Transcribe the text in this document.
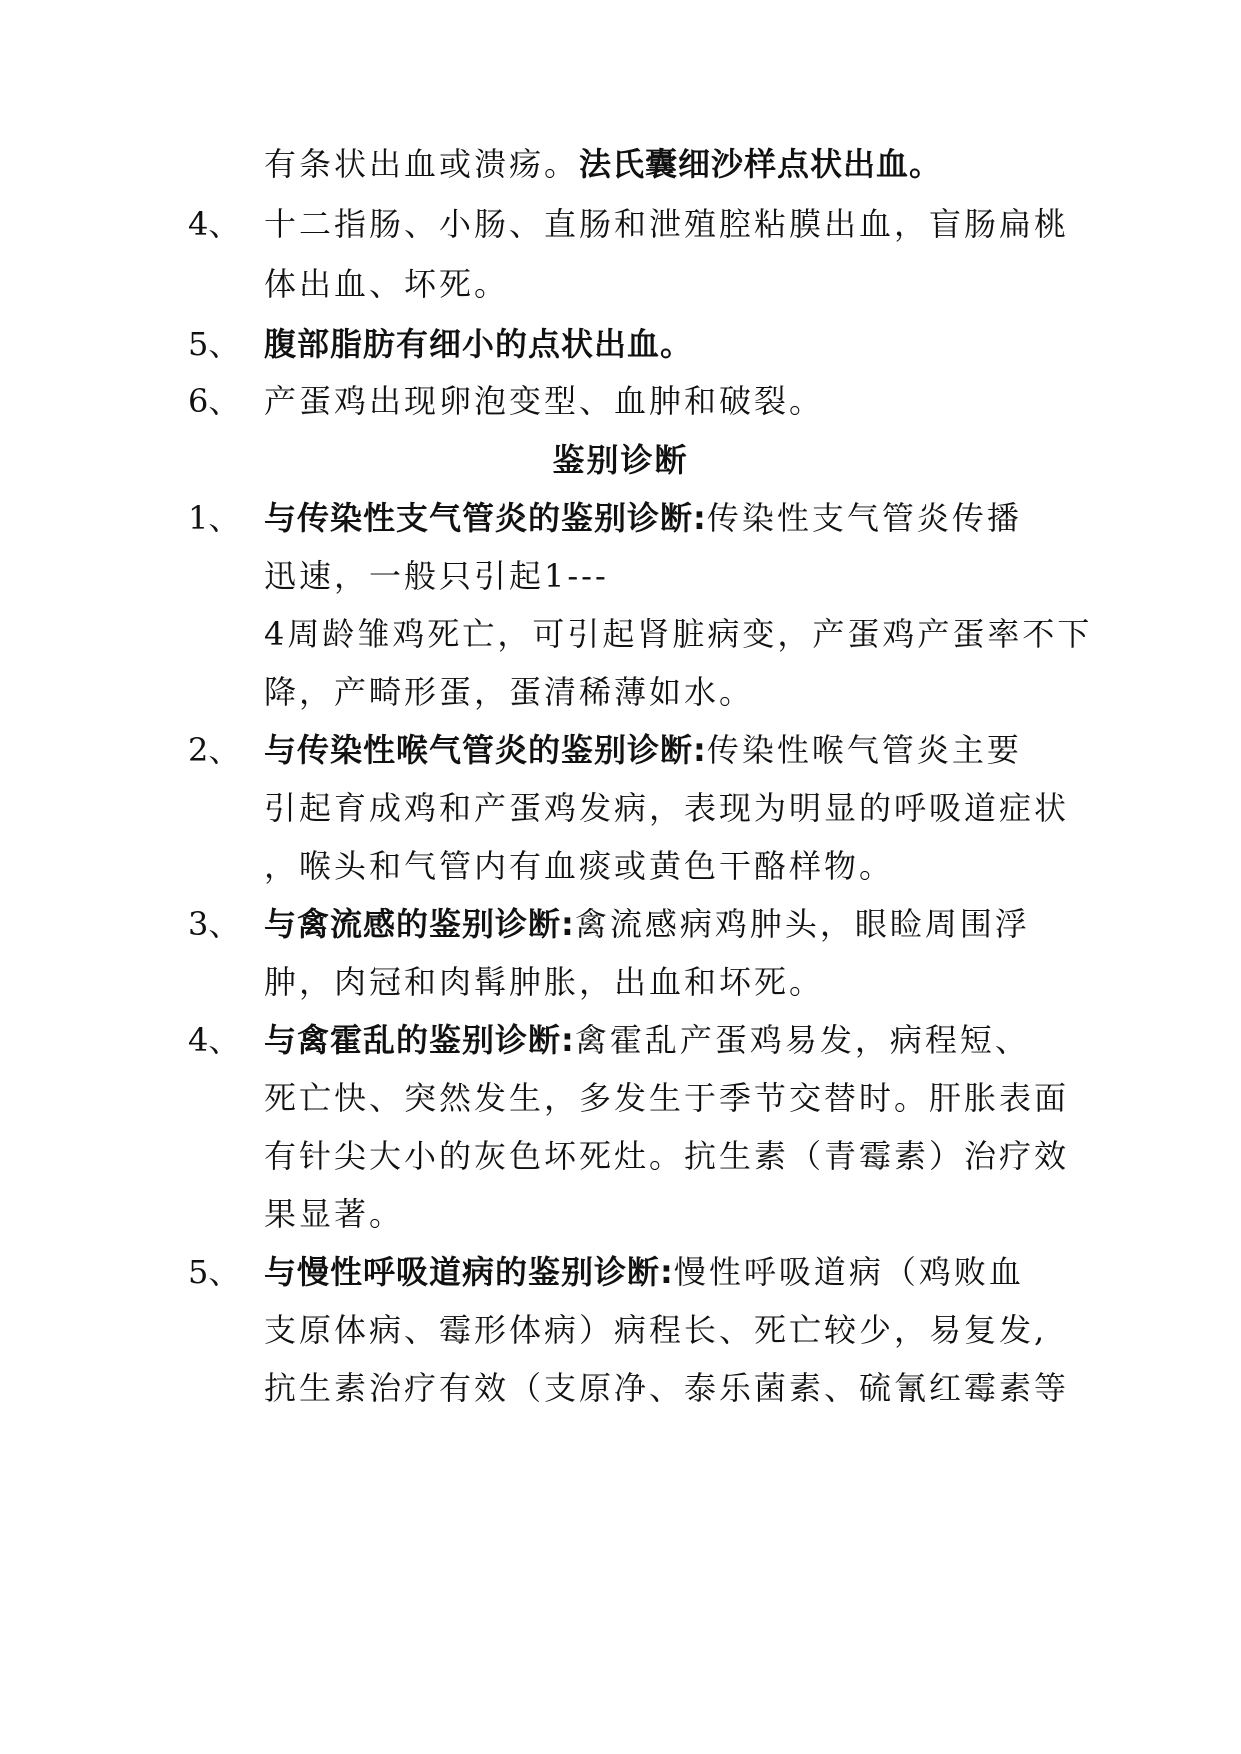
有条状出血或溃疡。法氏囊细沙样点状出血。

4、 十二指肠、小肠、直肠和泄殖腔粘膜出血，盲肠扁桃

体出血、坏死。

5、 腹部脂肪有细小的点状出血。

6、 产蛋鸡出现卵泡变型、血肿和破裂。

鉴别诊断

1、 与传染性支气管炎的鉴别诊断:传染性支气管炎传播

迅速，一般只引起1---

4周龄雏鸡死亡，可引起肾脏病变，产蛋鸡产蛋率不下

降，产畸形蛋，蛋清稀薄如水。

2、 与传染性喉气管炎的鉴别诊断:传染性喉气管炎主要

引起育成鸡和产蛋鸡发病，表现为明显的呼吸道症状

，喉头和气管内有血痰或黄色干酪样物。

3、 与禽流感的鉴别诊断:禽流感病鸡肿头，眼睑周围浮

肿，肉冠和肉髯肿胀，出血和坏死。

4、 与禽霍乱的鉴别诊断:禽霍乱产蛋鸡易发，病程短、

死亡快、突然发生，多发生于季节交替时。肝胀表面

有针尖大小的灰色坏死灶。抗生素（青霉素）治疗效

果显著。

5、 与慢性呼吸道病的鉴别诊断:慢性呼吸道病（鸡败血

支原体病、霉形体病）病程长、死亡较少，易复发,

抗生素治疗有效（支原净、泰乐菌素、硫氰红霉素等
